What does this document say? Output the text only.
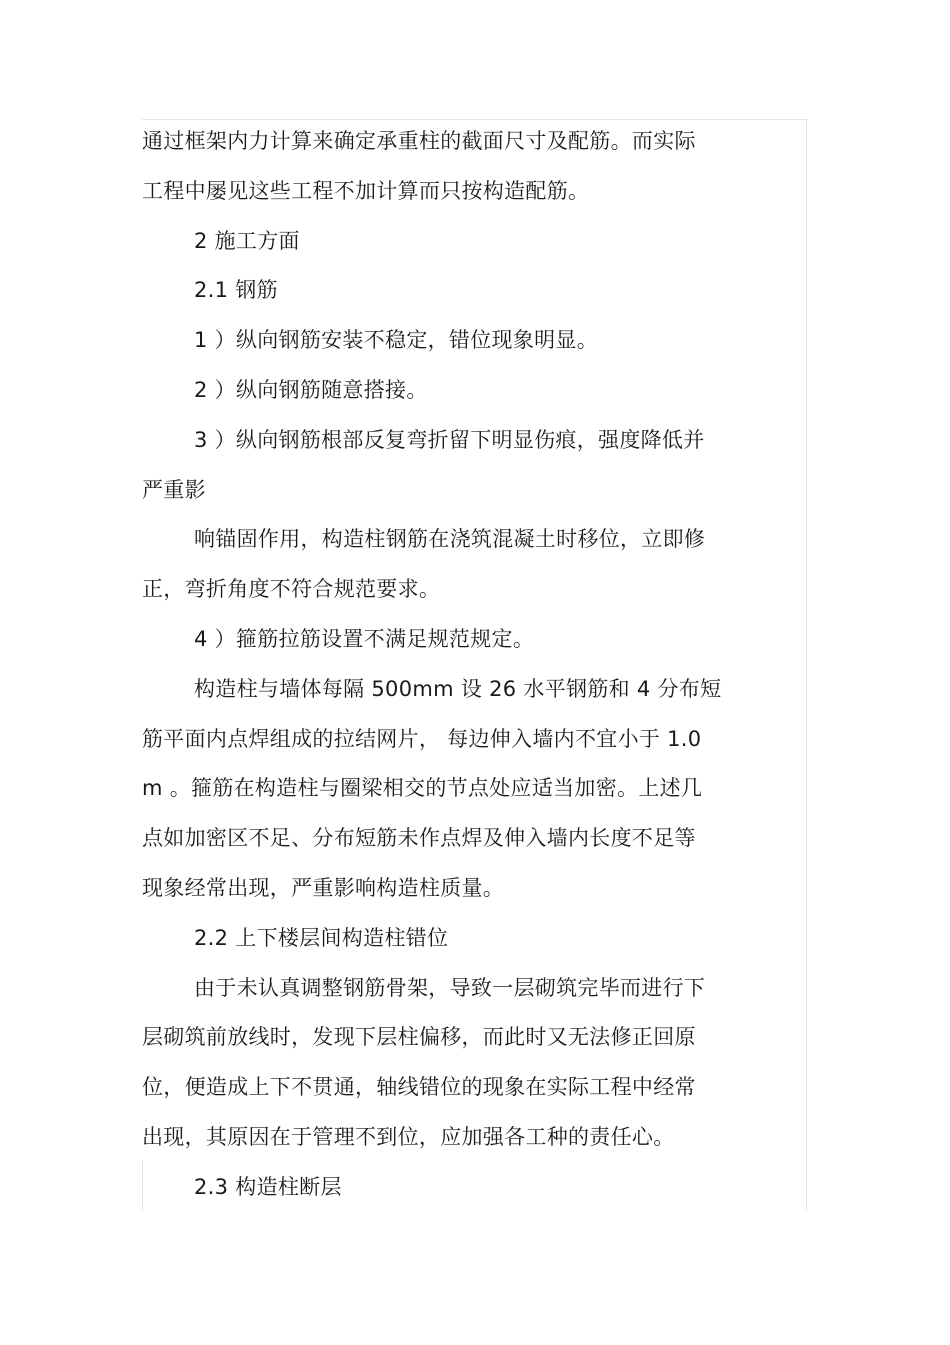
通过框架内力计算来确定承重柱的截面尺寸及配筋。而实际
工程中屡见这些工程不加计算而只按构造配筋。
2 施工方面
2.1 钢筋
1 ）纵向钢筋安装不稳定，错位现象明显。
2 ）纵向钢筋随意搭接。
3 ）纵向钢筋根部反复弯折留下明显伤痕，强度降低并
严重影
响锚固作用，构造柱钢筋在浇筑混凝土时移位，立即修
正，弯折角度不符合规范要求。
4 ）箍筋拉筋设置不满足规范规定。
构造柱与墙体每隔 500mm 设 26 水平钢筋和 4 分布短
筋平面内点焊组成的拉结网片， 每边伸入墙内不宜小于 1.0
m 。箍筋在构造柱与圈梁相交的节点处应适当加密。上述几
点如加密区不足、分布短筋未作点焊及伸入墙内长度不足等
现象经常出现，严重影响构造柱质量。
2.2 上下楼层间构造柱错位
由于未认真调整钢筋骨架，导致一层砌筑完毕而进行下
层砌筑前放线时，发现下层柱偏移，而此时又无法修正回原
位，便造成上下不贯通，轴线错位的现象在实际工程中经常
出现，其原因在于管理不到位，应加强各工种的责任心。
2.3 构造柱断层
